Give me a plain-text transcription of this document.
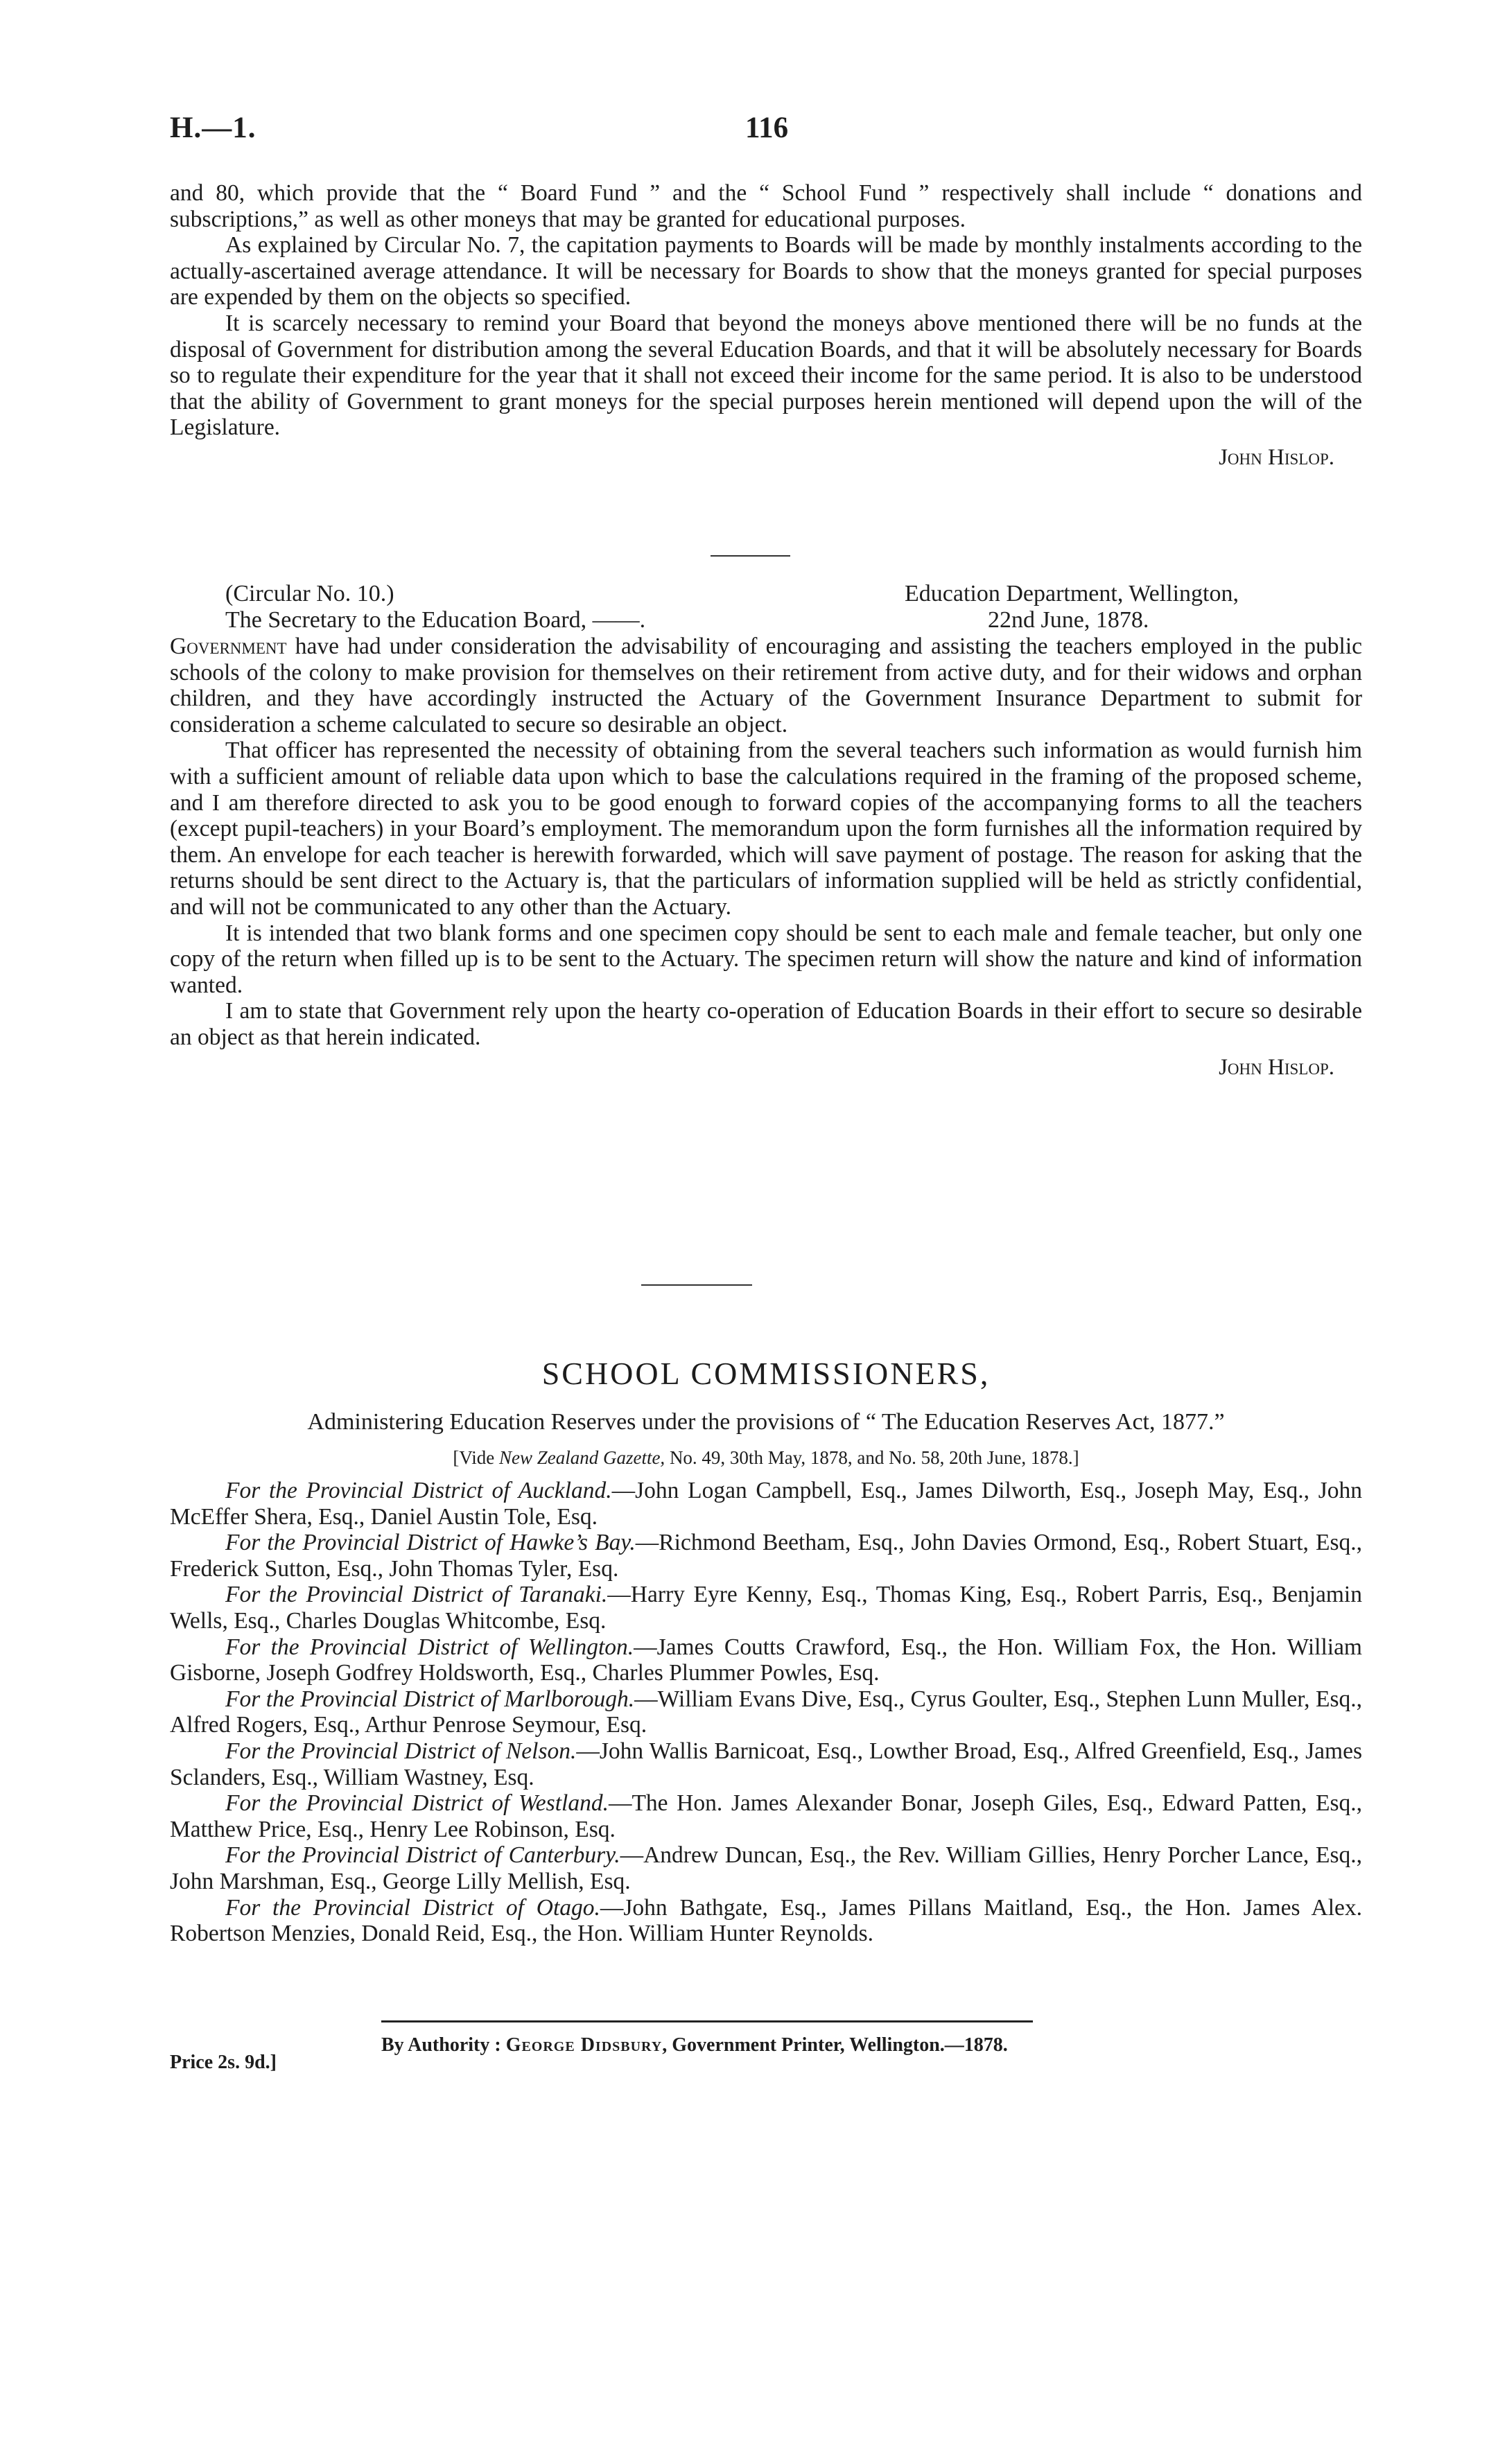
H.—1.	116

and 80, which provide that the “ Board Fund ” and the “ School Fund ” respectively shall include “ donations and subscriptions,” as well as other moneys that may be granted for educational purposes.

As explained by Circular No. 7, the capitation payments to Boards will be made by monthly instalments according to the actually-ascertained average attendance. It will be necessary for Boards to show that the moneys granted for special purposes are expended by them on the objects so specified.

It is scarcely necessary to remind your Board that beyond the moneys above mentioned there will be no funds at the disposal of Government for distribution among the several Education Boards, and that it will be absolutely necessary for Boards so to regulate their expenditure for the year that it shall not exceed their income for the same period. It is also to be understood that the ability of Government to grant moneys for the special purposes herein mentioned will depend upon the will of the Legislature.

John Hislop.
(Circular No. 10.)	Education Department, Wellington,
The Secretary to the Education Board, ——.	22nd June, 1878.

Government have had under consideration the advisability of encouraging and assisting the teachers employed in the public schools of the colony to make provision for themselves on their retirement from active duty, and for their widows and orphan children, and they have accordingly instructed the Actuary of the Government Insurance Department to submit for consideration a scheme calculated to secure so desirable an object.

That officer has represented the necessity of obtaining from the several teachers such information as would furnish him with a sufficient amount of reliable data upon which to base the calculations required in the framing of the proposed scheme, and I am therefore directed to ask you to be good enough to forward copies of the accompanying forms to all the teachers (except pupil-teachers) in your Board’s employment. The memorandum upon the form furnishes all the information required by them. An envelope for each teacher is herewith forwarded, which will save payment of postage. The reason for asking that the returns should be sent direct to the Actuary is, that the particulars of information supplied will be held as strictly confidential, and will not be communicated to any other than the Actuary.

It is intended that two blank forms and one specimen copy should be sent to each male and female teacher, but only one copy of the return when filled up is to be sent to the Actuary. The specimen return will show the nature and kind of information wanted.

I am to state that Government rely upon the hearty co-operation of Education Boards in their effort to secure so desirable an object as that herein indicated.

John Hislop.
SCHOOL COMMISSIONERS,
Administering Education Reserves under the provisions of “ The Education Reserves Act, 1877.”
[Vide New Zealand Gazette, No. 49, 30th May, 1878, and No. 58, 20th June, 1878.]

For the Provincial District of Auckland.—John Logan Campbell, Esq., James Dilworth, Esq., Joseph May, Esq., John McEffer Shera, Esq., Daniel Austin Tole, Esq.

For the Provincial District of Hawke’s Bay.—Richmond Beetham, Esq., John Davies Ormond, Esq., Robert Stuart, Esq., Frederick Sutton, Esq., John Thomas Tyler, Esq.

For the Provincial District of Taranaki.—Harry Eyre Kenny, Esq., Thomas King, Esq., Robert Parris, Esq., Benjamin Wells, Esq., Charles Douglas Whitcombe, Esq.

For the Provincial District of Wellington.—James Coutts Crawford, Esq., the Hon. William Fox, the Hon. William Gisborne, Joseph Godfrey Holdsworth, Esq., Charles Plummer Powles, Esq.

For the Provincial District of Marlborough.—William Evans Dive, Esq., Cyrus Goulter, Esq., Stephen Lunn Muller, Esq., Alfred Rogers, Esq., Arthur Penrose Seymour, Esq.

For the Provincial District of Nelson.—John Wallis Barnicoat, Esq., Lowther Broad, Esq., Alfred Greenfield, Esq., James Sclanders, Esq., William Wastney, Esq.

For the Provincial District of Westland.—The Hon. James Alexander Bonar, Joseph Giles, Esq., Edward Patten, Esq., Matthew Price, Esq., Henry Lee Robinson, Esq.

For the Provincial District of Canterbury.—Andrew Duncan, Esq., the Rev. William Gillies, Henry Porcher Lance, Esq., John Marshman, Esq., George Lilly Mellish, Esq.

For the Provincial District of Otago.—John Bathgate, Esq., James Pillans Maitland, Esq., the Hon. James Alex. Robertson Menzies, Donald Reid, Esq., the Hon. William Hunter Reynolds.

By Authority : George Didsbury, Government Printer, Wellington.—1878.
Price 2s. 9d.]
